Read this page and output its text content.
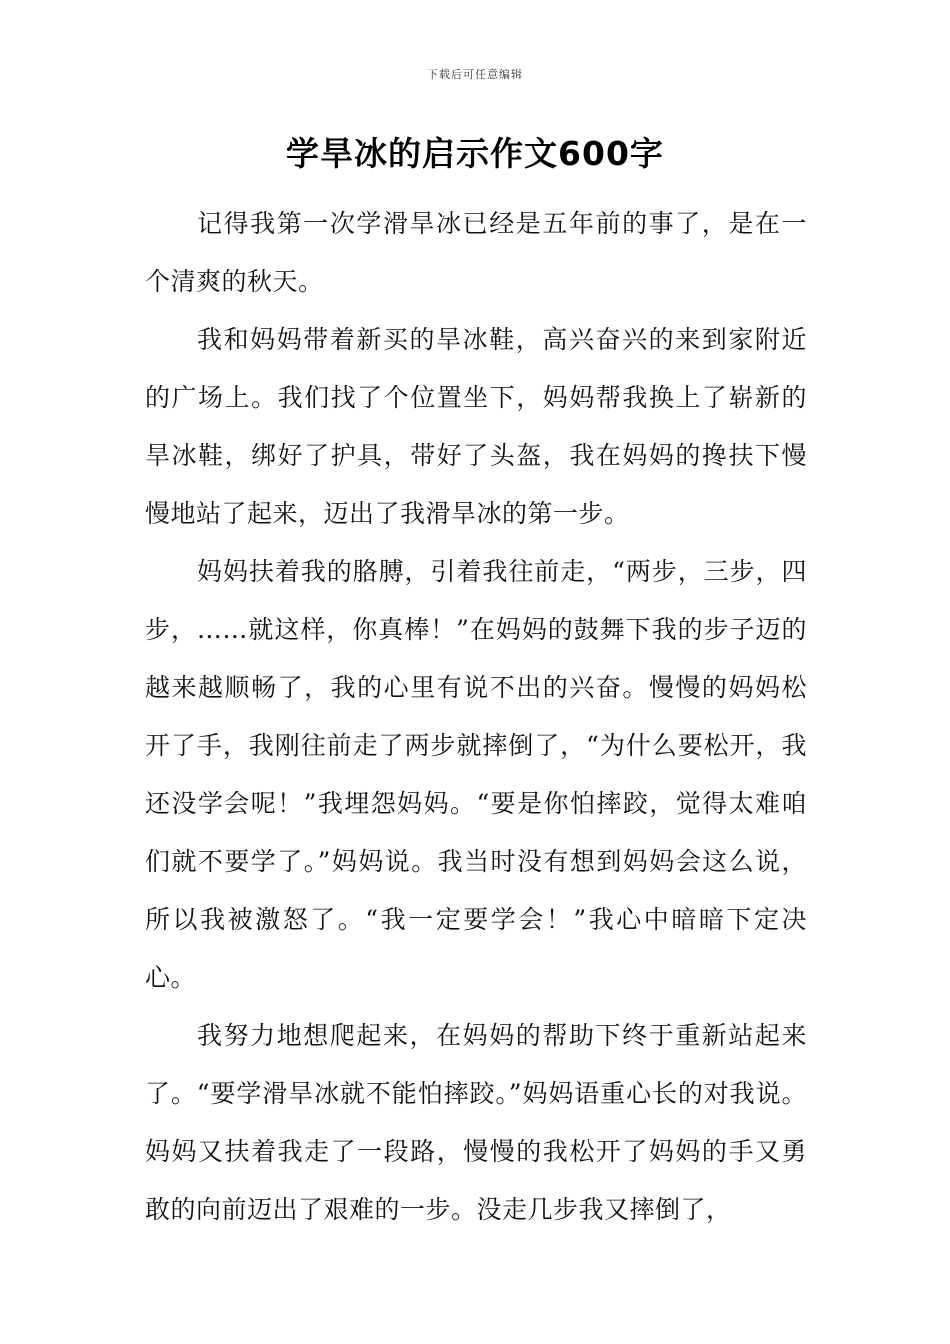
下载后可任意编辑
学旱冰的启示作文600字

记得我第一次学滑旱冰已经是五年前的事了，是在一个清爽的秋天。

我和妈妈带着新买的旱冰鞋，高兴奋兴的来到家附近的广场上。我们找了个位置坐下，妈妈帮我换上了崭新的旱冰鞋，绑好了护具，带好了头盔，我在妈妈的搀扶下慢慢地站了起来，迈出了我滑旱冰的第一步。

妈妈扶着我的胳膊，引着我往前走，“两步，三步，四步，……就这样，你真棒！”在妈妈的鼓舞下我的步子迈的越来越顺畅了，我的心里有说不出的兴奋。慢慢的妈妈松开了手，我刚往前走了两步就摔倒了，“为什么要松开，我还没学会呢！”我埋怨妈妈。“要是你怕摔跤，觉得太难咱们就不要学了。”妈妈说。我当时没有想到妈妈会这么说，所以我被激怒了。“我一定要学会！”我心中暗暗下定决心。

我努力地想爬起来，在妈妈的帮助下终于重新站起来了。“要学滑旱冰就不能怕摔跤。”妈妈语重心长的对我说。妈妈又扶着我走了一段路，慢慢的我松开了妈妈的手又勇敢的向前迈出了艰难的一步。没走几步我又摔倒了，
